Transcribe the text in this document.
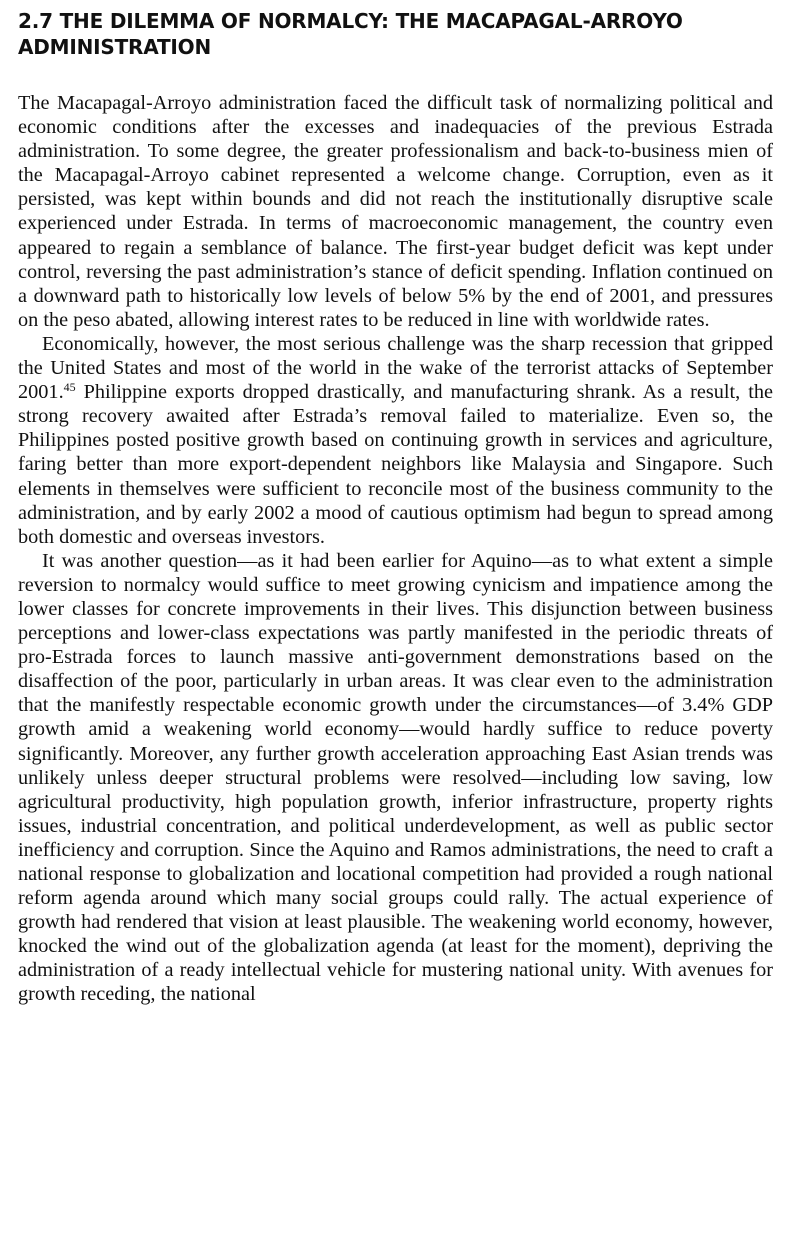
2.7 THE DILEMMA OF NORMALCY: THE MACAPAGAL-ARROYO ADMINISTRATION

The Macapagal-Arroyo administration faced the difficult task of normalizing political and economic conditions after the excesses and inadequacies of the previous Estrada administration. To some degree, the greater professionalism and back-to-business mien of the Macapagal-Arroyo cabinet represented a welcome change. Corruption, even as it persisted, was kept within bounds and did not reach the institutionally disruptive scale experienced under Estrada. In terms of macroeconomic management, the country even appeared to regain a semblance of balance. The first-year budget deficit was kept under control, reversing the past administration’s stance of deficit spending. Inflation continued on a downward path to historically low levels of below 5% by the end of 2001, and pressures on the peso abated, allowing interest rates to be reduced in line with worldwide rates.

Economically, however, the most serious challenge was the sharp recession that gripped the United States and most of the world in the wake of the terrorist attacks of September 2001.45 Philippine exports dropped drastically, and manufacturing shrank. As a result, the strong recovery awaited after Estrada’s removal failed to materialize. Even so, the Philippines posted positive growth based on continuing growth in services and agriculture, faring better than more export-dependent neighbors like Malaysia and Singapore. Such elements in themselves were sufficient to reconcile most of the business community to the administration, and by early 2002 a mood of cautious optimism had begun to spread among both domestic and overseas investors.

It was another question—as it had been earlier for Aquino—as to what extent a simple reversion to normalcy would suffice to meet growing cynicism and impatience among the lower classes for concrete improvements in their lives. This disjunction between business perceptions and lower-class expectations was partly manifested in the periodic threats of pro-Estrada forces to launch massive anti-government demonstrations based on the disaffection of the poor, particularly in urban areas. It was clear even to the administration that the manifestly respectable economic growth under the circumstances—of 3.4% GDP growth amid a weakening world economy—would hardly suffice to reduce poverty significantly. Moreover, any further growth acceleration approaching East Asian trends was unlikely unless deeper structural problems were resolved—including low saving, low agricultural productivity, high population growth, inferior infrastructure, property rights issues, industrial concentration, and political underdevelopment, as well as public sector inefficiency and corruption. Since the Aquino and Ramos administrations, the need to craft a national response to globalization and locational competition had provided a rough national reform agenda around which many social groups could rally. The actual experience of growth had rendered that vision at least plausible. The weakening world economy, however, knocked the wind out of the globalization agenda (at least for the moment), depriving the administration of a ready intellectual vehicle for mustering national unity. With avenues for growth receding, the national
